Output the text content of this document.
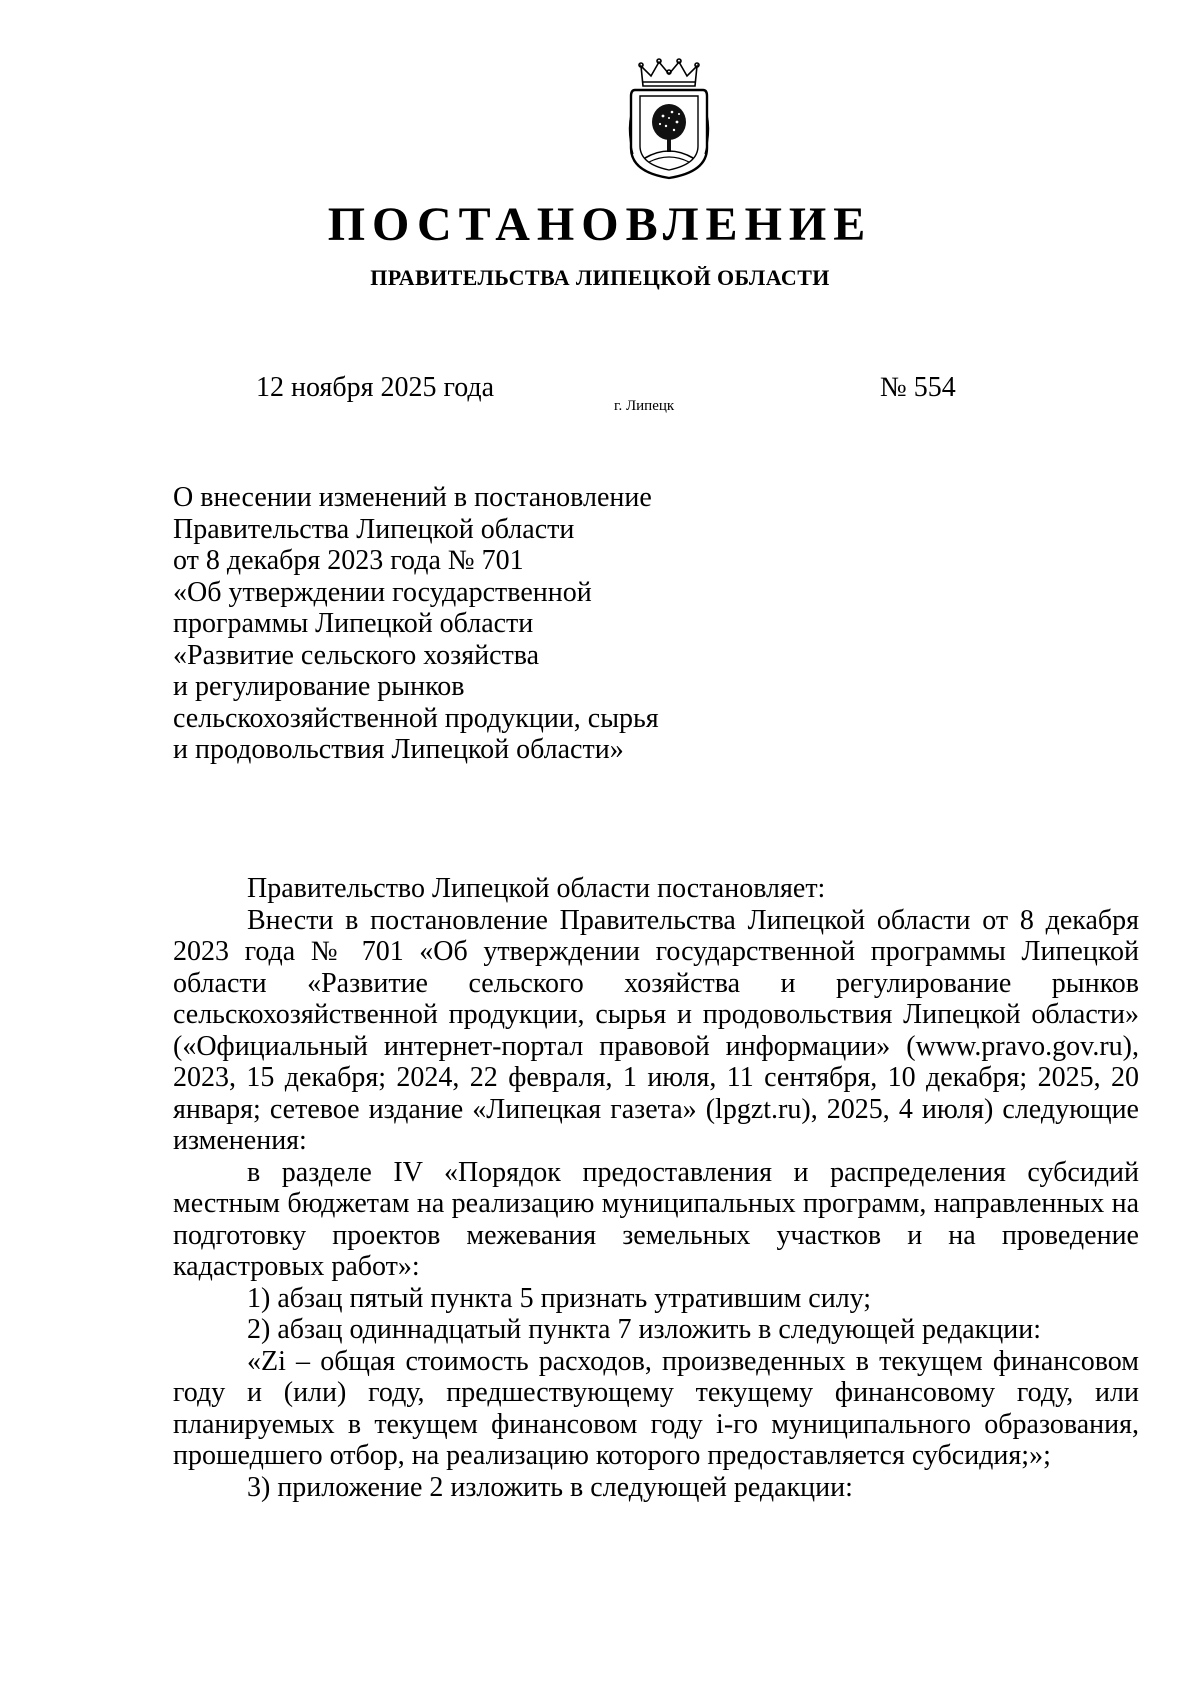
ПОСТАНОВЛЕНИЕ
ПРАВИТЕЛЬСТВА ЛИПЕЦКОЙ ОБЛАСТИ

12 ноября 2025 года

г. Липецк

№ 554

О внесении изменений в постановление
Правительства Липецкой области
от 8 декабря 2023 года № 701
«Об утверждении государственной
программы Липецкой области
«Развитие сельского хозяйства
и регулирование рынков
сельскохозяйственной продукции, сырья
и продовольствия Липецкой области»

Правительство Липецкой области постановляет:

Внести в постановление Правительства Липецкой области от 8 декабря 2023 года № 701 «Об утверждении государственной программы Липецкой области «Развитие сельского хозяйства и регулирование рынков сельскохозяйственной продукции, сырья и продовольствия Липецкой области» («Официальный интернет-портал правовой информации» (www.pravo.gov.ru), 2023, 15 декабря; 2024, 22 февраля, 1 июля, 11 сентября, 10 декабря; 2025, 20 января; сетевое издание «Липецкая газета» (lpgzt.ru), 2025, 4 июля) следующие изменения:

в разделе IV «Порядок предоставления и распределения субсидий местным бюджетам на реализацию муниципальных программ, направленных на подготовку проектов межевания земельных участков и на проведение кадастровых работ»:

1) абзац пятый пункта 5 признать утратившим силу;

2) абзац одиннадцатый пункта 7 изложить в следующей редакции:

«Zi – общая стоимость расходов, произведенных в текущем финансовом году и (или) году, предшествующему текущему финансовому году, или планируемых в текущем финансовом году i-го муниципального образования, прошедшего отбор, на реализацию которого предоставляется субсидия;»;

3) приложение 2 изложить в следующей редакции:
